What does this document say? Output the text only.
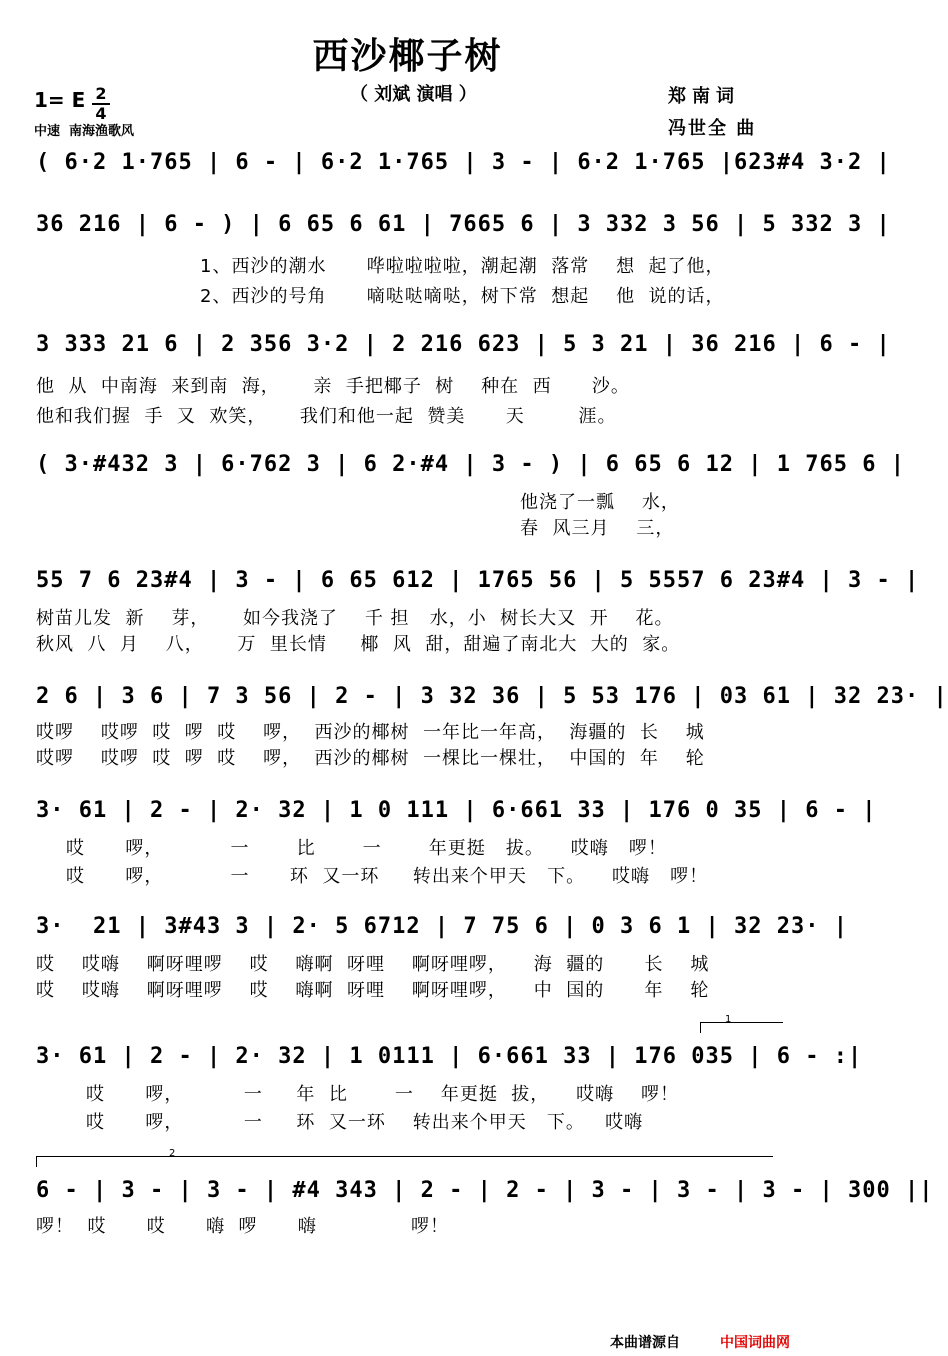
西沙椰子树
（ 刘斌 演唱 ）
1= E 2
4
中速  南海渔歌风
郑南词
冯世全 曲
( 6·2 1·765 | 6 - | 6·2 1·765 | 3 - | 6·2 1·765 |623#4 3·2 |
36 216 | 6 - ) | 6 65 6 61 | 7665 6 | 3 332 3 56 | 5 332 3 |
1、西沙的潮水      哗啦啦啦啦，潮起潮  落常    想  起了他，
2、西沙的号角      嘀哒哒嘀哒，树下常  想起    他  说的话，
3 333 21 6 | 2 356 3·2 | 2 216 623 | 5 3 21 | 36 216 | 6 - |
他  从  中南海  来到南  海，     亲  手把椰子  树    种在  西      沙。
他和我们握  手  又  欢笑，     我们和他一起  赞美      天        涯。
( 3·#432 3 | 6·762 3 | 6 2·#4 | 3 - ) | 6 65 6 12 | 1 765 6 |
他浇了一瓢    水，
春  风三月    三，
55 7 6 23#4 | 3 - | 6 65 612 | 1765 56 | 5 5557 6 23#4 | 3 - |
树苗儿发  新    芽，     如今我浇了    千 担   水，小  树长大又  开    花。
秋风  八  月    八，     万  里长情     椰  风  甜，甜遍了南北大  大的  家。
2 6 | 3 6 | 7 3 56 | 2 - | 3 32 36 | 5 53 176 | 03 61 | 32 23· |
哎啰    哎啰  哎  啰  哎    啰，  西沙的椰树  一年比一年高，  海疆的  长    城
哎啰    哎啰  哎  啰  哎    啰，  西沙的椰树  一棵比一棵壮，  中国的  年    轮
3· 61 | 2 - | 2· 32 | 1 0 111 | 6·661 33 | 176 0 35 | 6 - |
哎      啰，          一       比       一       年更挺   拔。    哎嗨   啰！
哎      啰，          一      环  又一环     转出来个甲天   下。    哎嗨   啰！
3·  21 | 3#43 3 | 2· 5 6712 | 7 75 6 | 0 3 6 1 | 32 23· |
哎    哎嗨    啊呀哩啰    哎    嗨啊  呀哩    啊呀哩啰，    海  疆的      长    城
哎    哎嗨    啊呀哩啰    哎    嗨啊  呀哩    啊呀哩啰，    中  国的      年    轮
1
3· 61 | 2 - | 2· 32 | 1 0111 | 6·661 33 | 176 035 | 6 - :|
哎      啰，         一     年  比       一    年更挺  拔，    哎嗨    啰！
哎      啰，         一     环  又一环    转出来个甲天   下。   哎嗨
2
6 - | 3 - | 3 - | #4 343 | 2 - | 2 - | 3 - | 3 - | 3 - | 300 ||
啰！  哎      哎      嗨  啰      嗨              啰！
本曲谱源自	中国词曲网
